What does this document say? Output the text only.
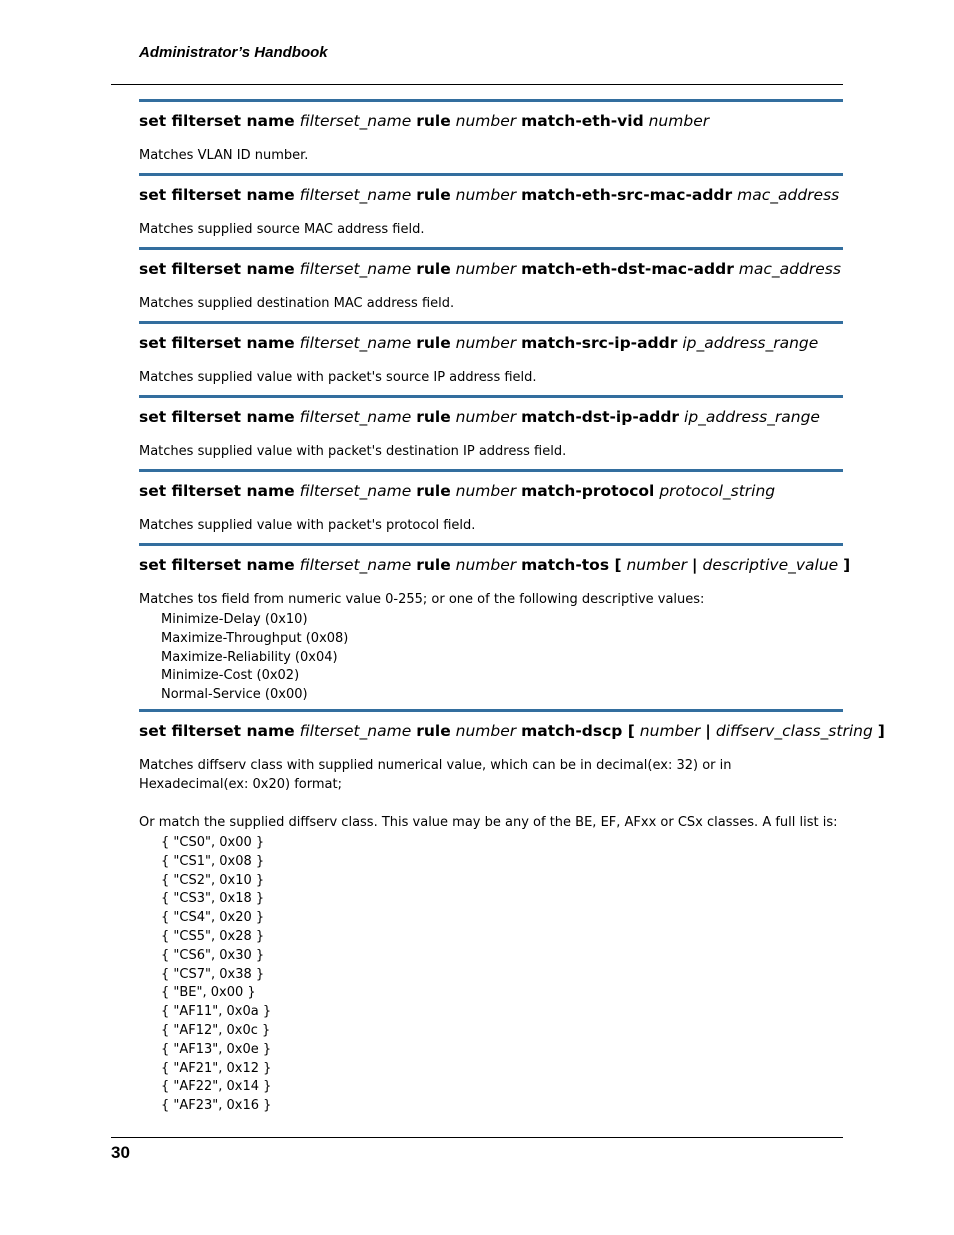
Administrator’s Handbook
set filterset name filterset_name rule number match-eth-vid number

Matches VLAN ID number.

set filterset name filterset_name rule number match-eth-src-mac-addr mac_address

Matches supplied source MAC address field.

set filterset name filterset_name rule number match-eth-dst-mac-addr mac_address

Matches supplied destination MAC address field.

set filterset name filterset_name rule number match-src-ip-addr ip_address_range

Matches supplied value with packet's source IP address field.

set filterset name filterset_name rule number match-dst-ip-addr ip_address_range

Matches supplied value with packet's destination IP address field.

set filterset name filterset_name rule number match-protocol protocol_string

Matches supplied value with packet's protocol field.

set filterset name filterset_name rule number match-tos [ number | descriptive_value ]

Matches tos field from numeric value 0-255; or one of the following descriptive values:

Minimize-Delay (0x10)
Maximize-Throughput (0x08)
Maximize-Reliability (0x04)
Minimize-Cost (0x02)
Normal-Service (0x00)
set filterset name filterset_name rule number match-dscp [ number | diffserv_class_string ]

Matches diffserv class with supplied numerical value, which can be in decimal(ex: 32) or in Hexadecimal(ex: 0x20) format;

Or match the supplied diffserv class. This value may be any of the BE, EF, AFxx or CSx classes. A full list is:

{ "CS0", 0x00 }
{ "CS1", 0x08 }
{ "CS2", 0x10 }
{ "CS3", 0x18 }
{ "CS4", 0x20 }
{ "CS5", 0x28 }
{ "CS6", 0x30 }
{ "CS7", 0x38 }
{ "BE", 0x00 }
{ "AF11", 0x0a }
{ "AF12", 0x0c }
{ "AF13", 0x0e }
{ "AF21", 0x12 }
{ "AF22", 0x14 }
{ "AF23", 0x16 }
30
